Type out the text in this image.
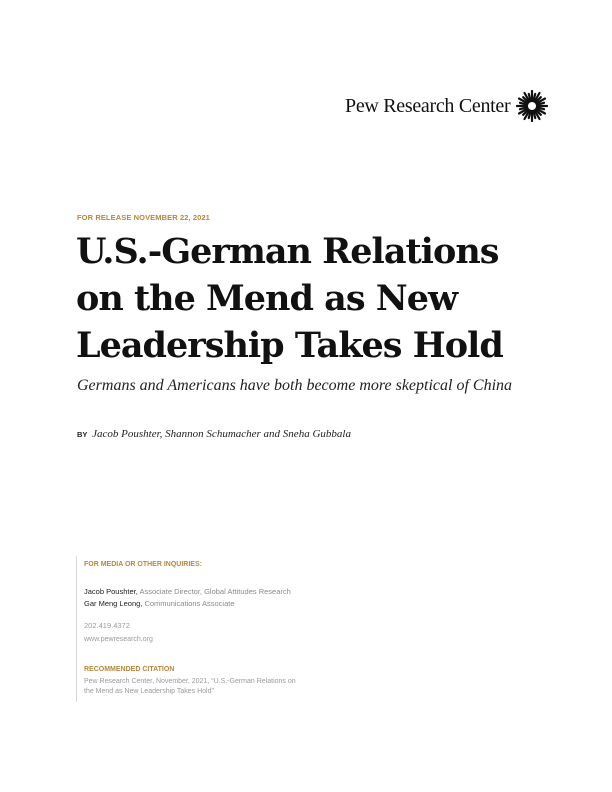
Pew Research Center
FOR RELEASE NOVEMBER 22, 2021
U.S.-German Relations on the Mend as New Leadership Takes Hold

Germans and Americans have both become more skeptical of China

BY Jacob Poushter, Shannon Schumacher and Sneha Gubbala
FOR MEDIA OR OTHER INQUIRIES:
Jacob Poushter, Associate Director, Global Attitudes Research
Gar Meng Leong, Communications Associate
202.419.4372
www.pewresearch.org
RECOMMENDED CITATION
Pew Research Center, November, 2021, “U.S.-German Relations on the Mend as New Leadership Takes Hold”
